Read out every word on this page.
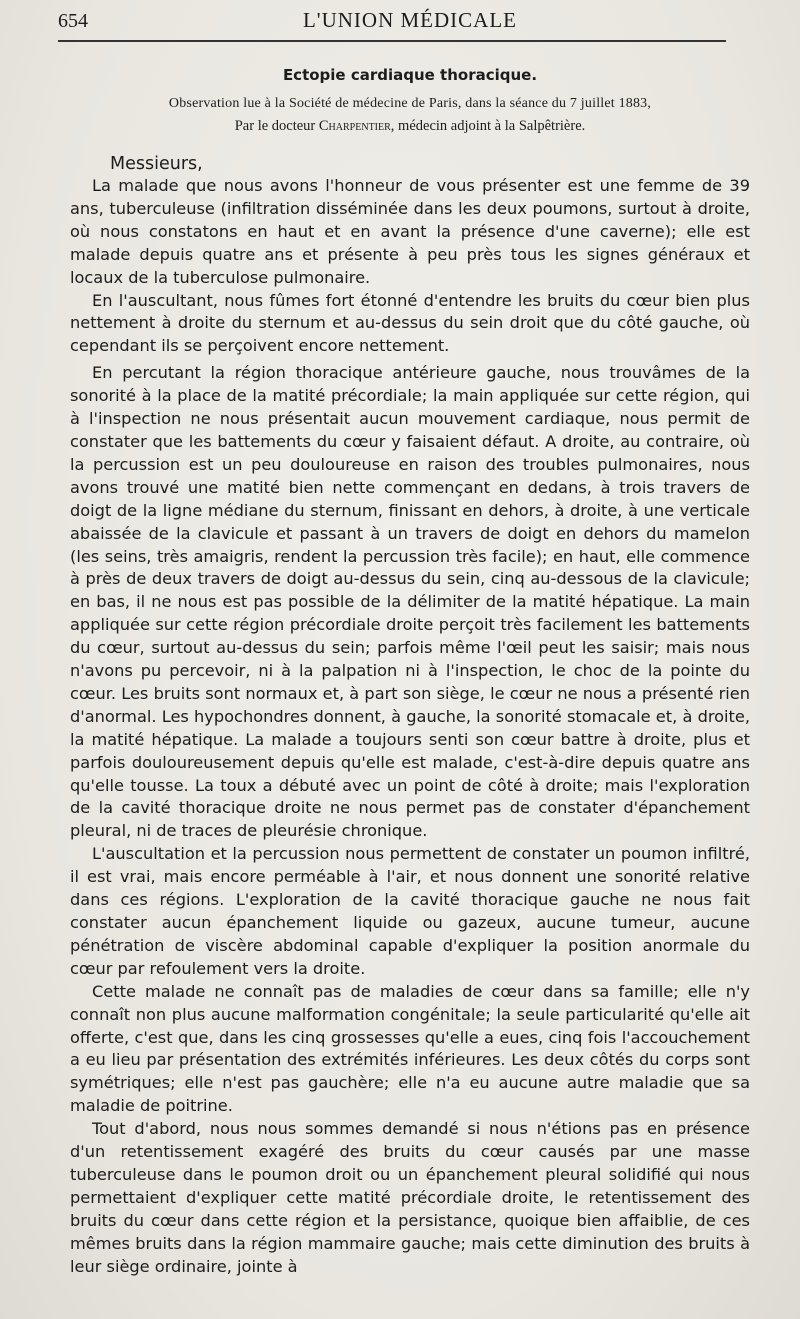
654	L'UNION MÉDICALE
Ectopie cardiaque thoracique.
Observation lue à la Société de médecine de Paris, dans la séance du 7 juillet 1883,
Par le docteur Charpentier, médecin adjoint à la Salpêtrière.
Messieurs,

La malade que nous avons l'honneur de vous présenter est une femme de 39 ans, tuberculeuse (infiltration disséminée dans les deux poumons, surtout à droite, où nous constatons en haut et en avant la présence d'une caverne); elle est malade depuis quatre ans et présente à peu près tous les signes généraux et locaux de la tuberculose pulmonaire.

En l'auscultant, nous fûmes fort étonné d'entendre les bruits du cœur bien plus nettement à droite du sternum et au-dessus du sein droit que du côté gauche, où cependant ils se perçoivent encore nettement.

En percutant la région thoracique antérieure gauche, nous trouvâmes de la sonorité à la place de la matité précordiale; la main appliquée sur cette région, qui à l'inspection ne nous présentait aucun mouvement cardiaque, nous permit de constater que les battements du cœur y faisaient défaut. A droite, au contraire, où la percussion est un peu douloureuse en raison des troubles pulmonaires, nous avons trouvé une matité bien nette commençant en dedans, à trois travers de doigt de la ligne médiane du sternum, finissant en dehors, à droite, à une verticale abaissée de la clavicule et passant à un travers de doigt en dehors du mamelon (les seins, très amaigris, rendent la percussion très facile); en haut, elle commence à près de deux travers de doigt au-dessus du sein, cinq au-dessous de la clavicule; en bas, il ne nous est pas possible de la délimiter de la matité hépatique. La main appliquée sur cette région précordiale droite perçoit très facilement les battements du cœur, surtout au-dessus du sein; parfois même l'œil peut les saisir; mais nous n'avons pu percevoir, ni à la palpation ni à l'inspection, le choc de la pointe du cœur. Les bruits sont normaux et, à part son siège, le cœur ne nous a présenté rien d'anormal. Les hypochondres donnent, à gauche, la sonorité stomacale et, à droite, la matité hépatique. La malade a toujours senti son cœur battre à droite, plus et parfois douloureusement depuis qu'elle est malade, c'est-à-dire depuis quatre ans qu'elle tousse. La toux a débuté avec un point de côté à droite; mais l'exploration de la cavité thoracique droite ne nous permet pas de constater d'épanchement pleural, ni de traces de pleurésie chronique.

L'auscultation et la percussion nous permettent de constater un poumon infiltré, il est vrai, mais encore perméable à l'air, et nous donnent une sonorité relative dans ces régions. L'exploration de la cavité thoracique gauche ne nous fait constater aucun épanchement liquide ou gazeux, aucune tumeur, aucune pénétration de viscère abdominal capable d'expliquer la position anormale du cœur par refoulement vers la droite.

Cette malade ne connaît pas de maladies de cœur dans sa famille; elle n'y connaît non plus aucune malformation congénitale; la seule particularité qu'elle ait offerte, c'est que, dans les cinq grossesses qu'elle a eues, cinq fois l'accouchement a eu lieu par présentation des extrémités inférieures. Les deux côtés du corps sont symétriques; elle n'est pas gauchère; elle n'a eu aucune autre maladie que sa maladie de poitrine.

Tout d'abord, nous nous sommes demandé si nous n'étions pas en présence d'un retentissement exagéré des bruits du cœur causés par une masse tuberculeuse dans le poumon droit ou un épanchement pleural solidifié qui nous permettaient d'expliquer cette matité précordiale droite, le retentissement des bruits du cœur dans cette région et la persistance, quoique bien affaiblie, de ces mêmes bruits dans la région mammaire gauche; mais cette diminution des bruits à leur siège ordinaire, jointe à
